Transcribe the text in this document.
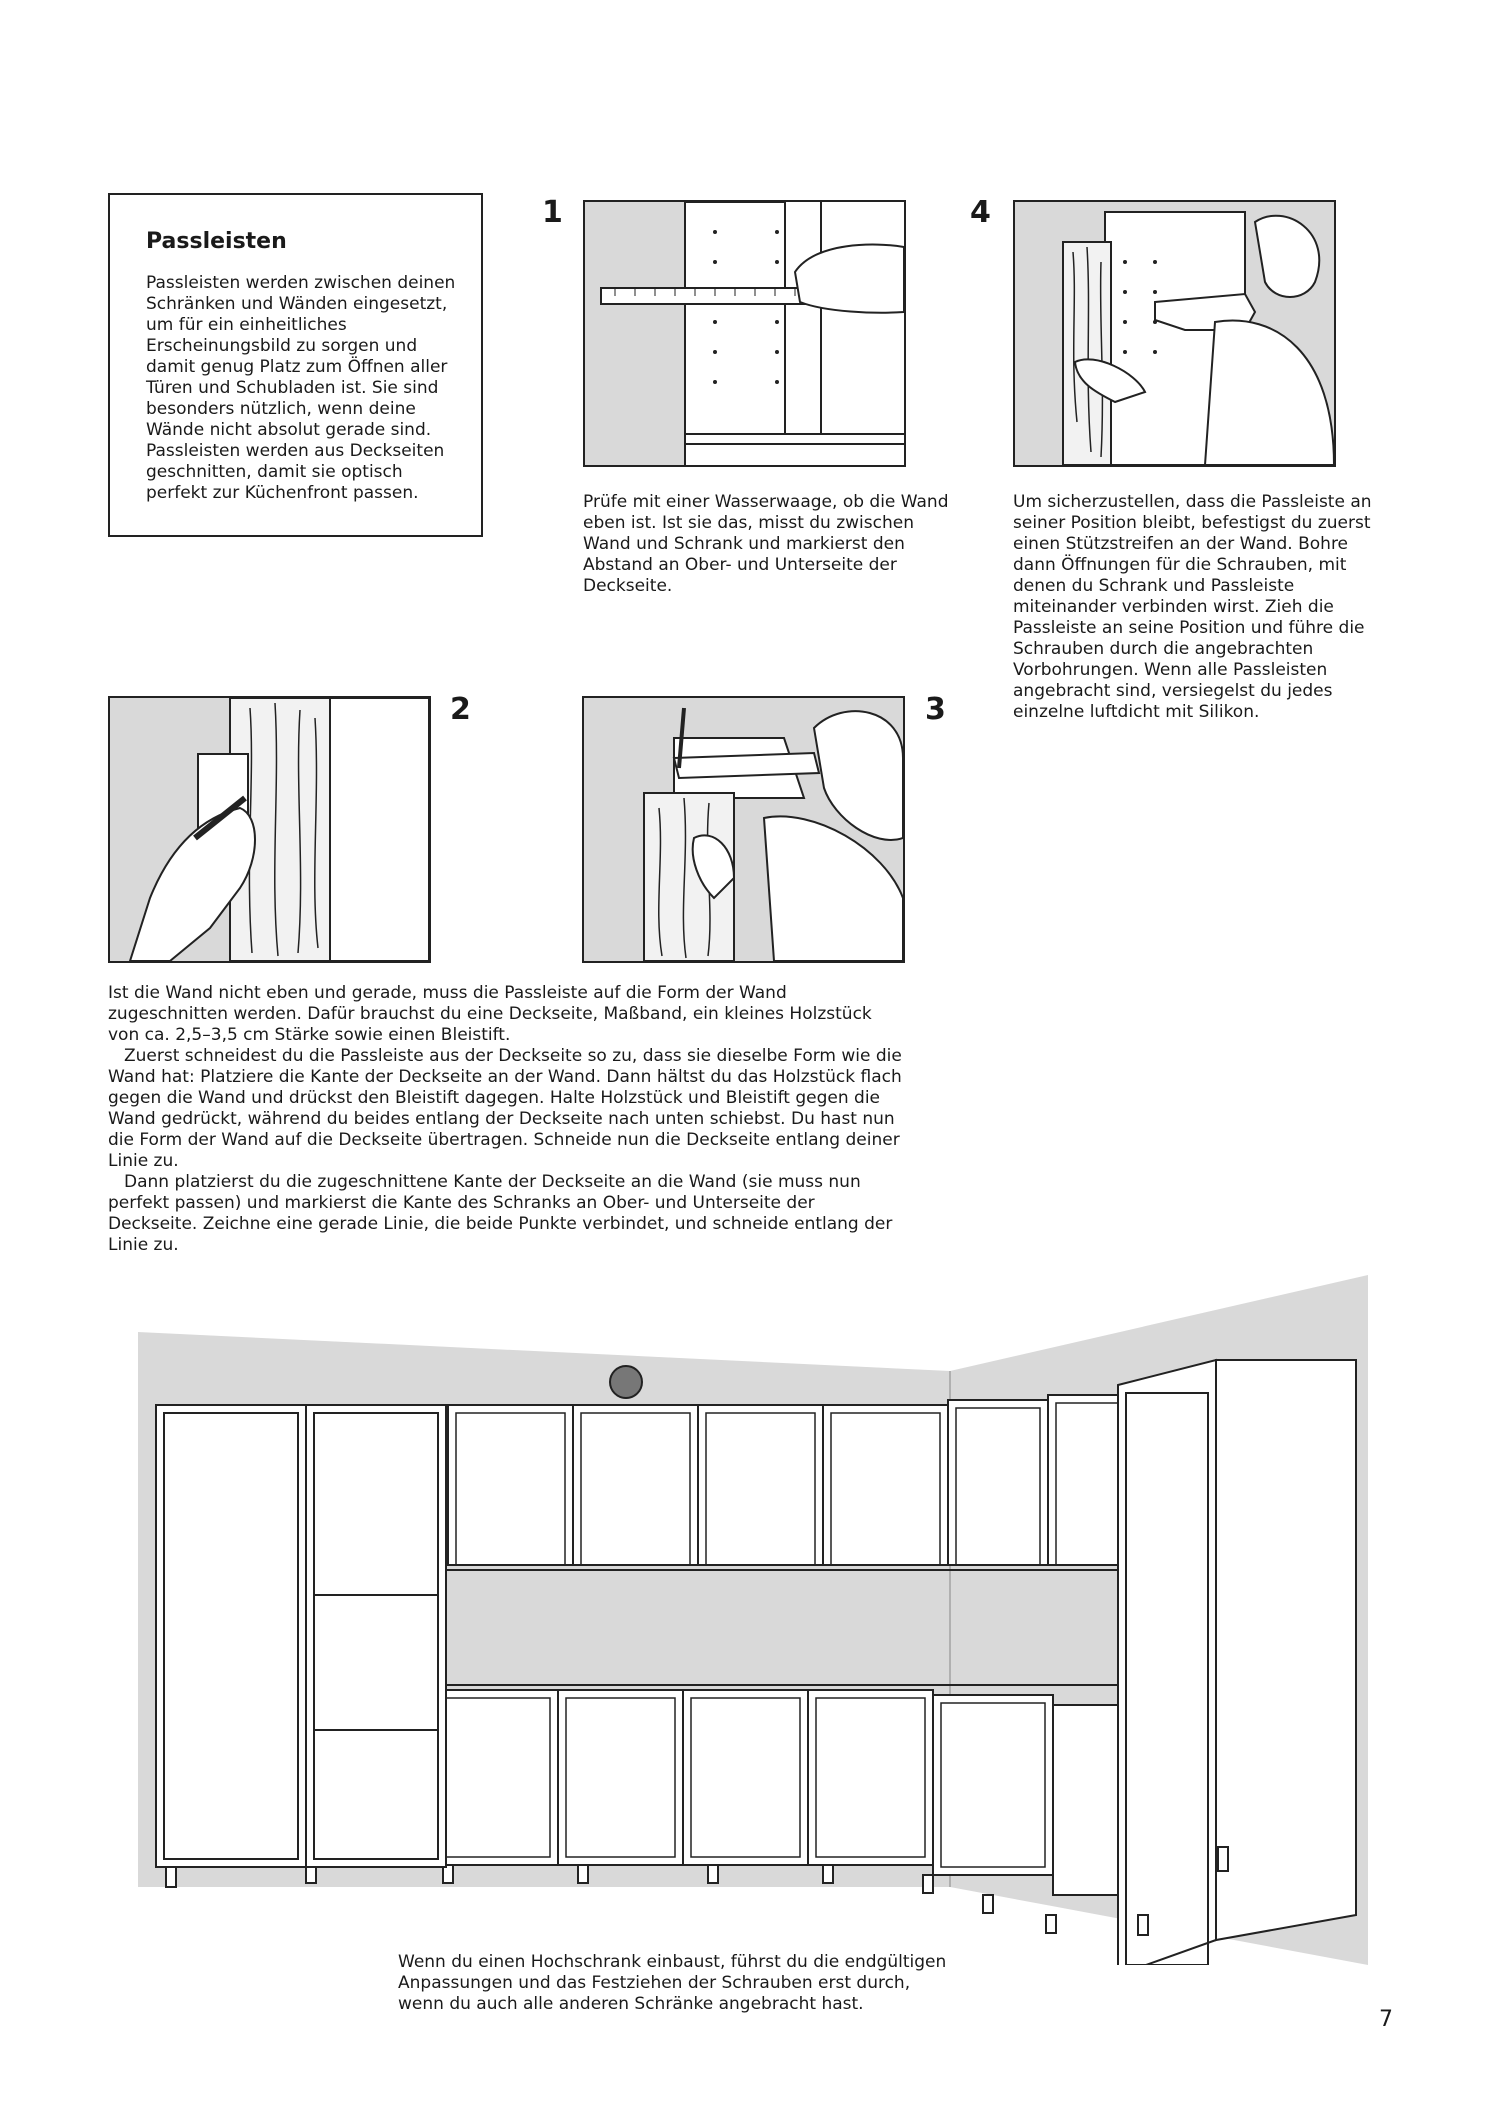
Passleisten

Passleisten werden zwischen deinen Schränken und Wänden eingesetzt, um für ein einheitliches Erscheinungsbild zu sorgen und damit genug Platz zum Öffnen aller Türen und Schubladen ist. Sie sind besonders nützlich, wenn deine Wände nicht absolut gerade sind. Passleisten werden aus Deckseiten geschnitten, damit sie optisch perfekt zur Küchenfront passen.

1

Prüfe mit einer Wasserwaage, ob die Wand eben ist. Ist sie das, misst du zwischen Wand und Schrank und markierst den Abstand an Ober- und Unterseite der Deckseite.

4

Um sicherzustellen, dass die Passleiste an seiner Position bleibt, befestigst du zuerst einen Stützstreifen an der Wand. Bohre dann Öffnungen für die Schrauben, mit denen du Schrank und Passleiste miteinander verbinden wirst. Zieh die Passleiste an seine Position und führe die Schrauben durch die angebrachten Vorbohrungen. Wenn alle Passleisten angebracht sind, versiegelst du jedes einzelne luftdicht mit Silikon.

2	3

Ist die Wand nicht eben und gerade, muss die Passleiste auf die Form der Wand zugeschnitten werden. Dafür brauchst du eine Deckseite, Maßband, ein kleines Holzstück von ca. 2,5–3,5 cm Stärke sowie einen Bleistift.

Zuerst schneidest du die Passleiste aus der Deckseite so zu, dass sie dieselbe Form wie die Wand hat: Platziere die Kante der Deckseite an der Wand. Dann hältst du das Holzstück flach gegen die Wand und drückst den Bleistift dagegen. Halte Holzstück und Bleistift gegen die Wand gedrückt, während du beides entlang der Deckseite nach unten schiebst. Du hast nun die Form der Wand auf die Deckseite übertragen. Schneide nun die Deckseite entlang deiner Linie zu.

Dann platzierst du die zugeschnittene Kante der Deckseite an die Wand (sie muss nun perfekt passen) und markierst die Kante des Schranks an Ober- und Unterseite der Deckseite. Zeichne eine gerade Linie, die beide Punkte verbindet, und schneide entlang der Linie zu.

Wenn du einen Hochschrank einbaust, führst du die endgültigen Anpassungen und das Festziehen der Schrauben erst durch, wenn du auch alle anderen Schränke angebracht hast.

7
